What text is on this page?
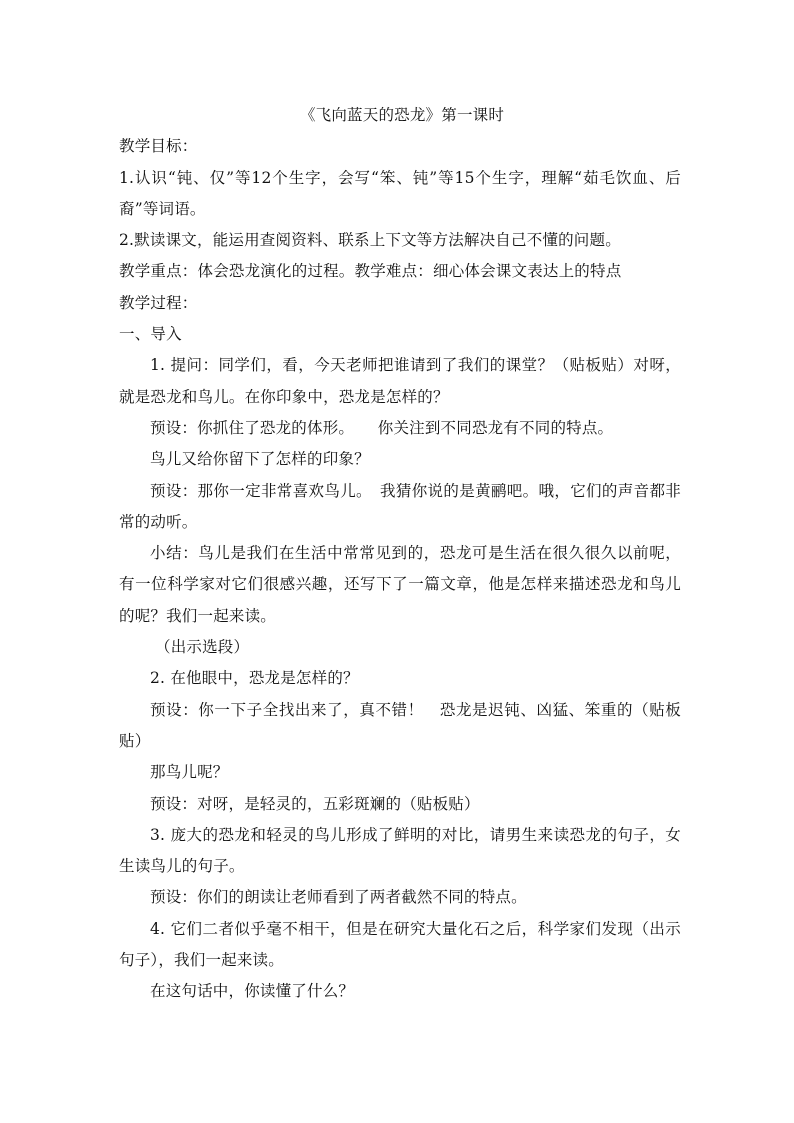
《飞向蓝天的恐龙》第一课时

教学目标：

1.认识“钝、仅”等12个生字，会写“笨、钝”等15个生字，理解“茹毛饮血、后裔”等词语。

2.默读课文，能运用查阅资料、联系上下文等方法解决自己不懂的问题。

教学重点：体会恐龙演化的过程。教学难点：细心体会课文表达上的特点

教学过程：

一、导入

1. 提问：同学们，看，今天老师把谁请到了我们的课堂？（贴板贴）对呀，就是恐龙和鸟儿。在你印象中，恐龙是怎样的？

预设：你抓住了恐龙的体形。　　你关注到不同恐龙有不同的特点。

鸟儿又给你留下了怎样的印象？

预设：那你一定非常喜欢鸟儿。　我猜你说的是黄鹂吧。哦，它们的声音都非常的动听。

小结：鸟儿是我们在生活中常常见到的，恐龙可是生活在很久很久以前呢，有一位科学家对它们很感兴趣，还写下了一篇文章，他是怎样来描述恐龙和鸟儿的呢？我们一起来读。

（出示选段）

2. 在他眼中，恐龙是怎样的？

预设：你一下子全找出来了，真不错！　恐龙是迟钝、凶猛、笨重的（贴板贴）

那鸟儿呢？

预设：对呀，是轻灵的，五彩斑斓的（贴板贴）

3. 庞大的恐龙和轻灵的鸟儿形成了鲜明的对比，请男生来读恐龙的句子，女生读鸟儿的句子。

预设：你们的朗读让老师看到了两者截然不同的特点。

4. 它们二者似乎毫不相干，但是在研究大量化石之后，科学家们发现（出示句子），我们一起来读。

在这句话中，你读懂了什么？
